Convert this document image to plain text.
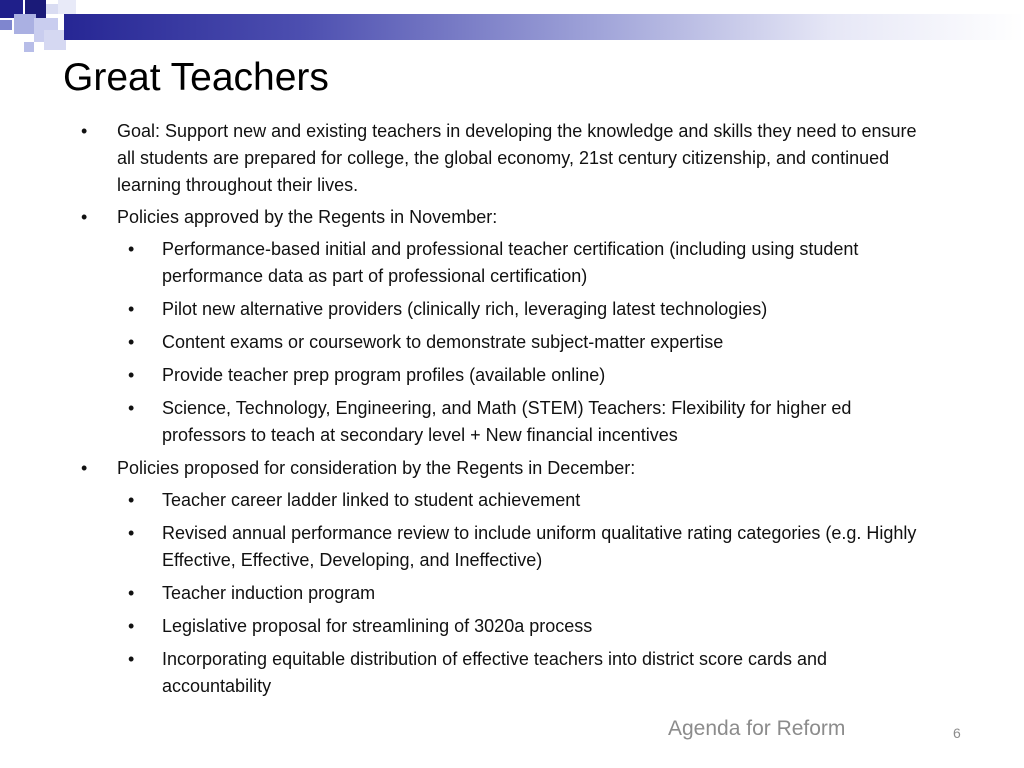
Great Teachers

• Goal: Support new and existing teachers in developing the knowledge and skills they need to ensure all students are prepared for college, the global economy, 21st century citizenship, and continued learning throughout their lives.

• Policies approved by the Regents in November:

• Performance-based initial and professional teacher certification (including using student performance data as part of professional certification)

• Pilot new alternative providers (clinically rich, leveraging latest technologies)

• Content exams or coursework to demonstrate subject-matter expertise

• Provide teacher prep program profiles (available online)

• Science, Technology, Engineering, and Math (STEM) Teachers: Flexibility for higher ed professors to teach at secondary level + New financial incentives

• Policies proposed for consideration by the Regents in December:

• Teacher career ladder linked to student achievement

• Revised annual performance review to include uniform qualitative rating categories (e.g. Highly Effective, Effective, Developing, and Ineffective)

• Teacher induction program

• Legislative proposal for streamlining of 3020a process

• Incorporating equitable distribution of effective teachers into district score cards and accountability

Agenda for Reform	6
